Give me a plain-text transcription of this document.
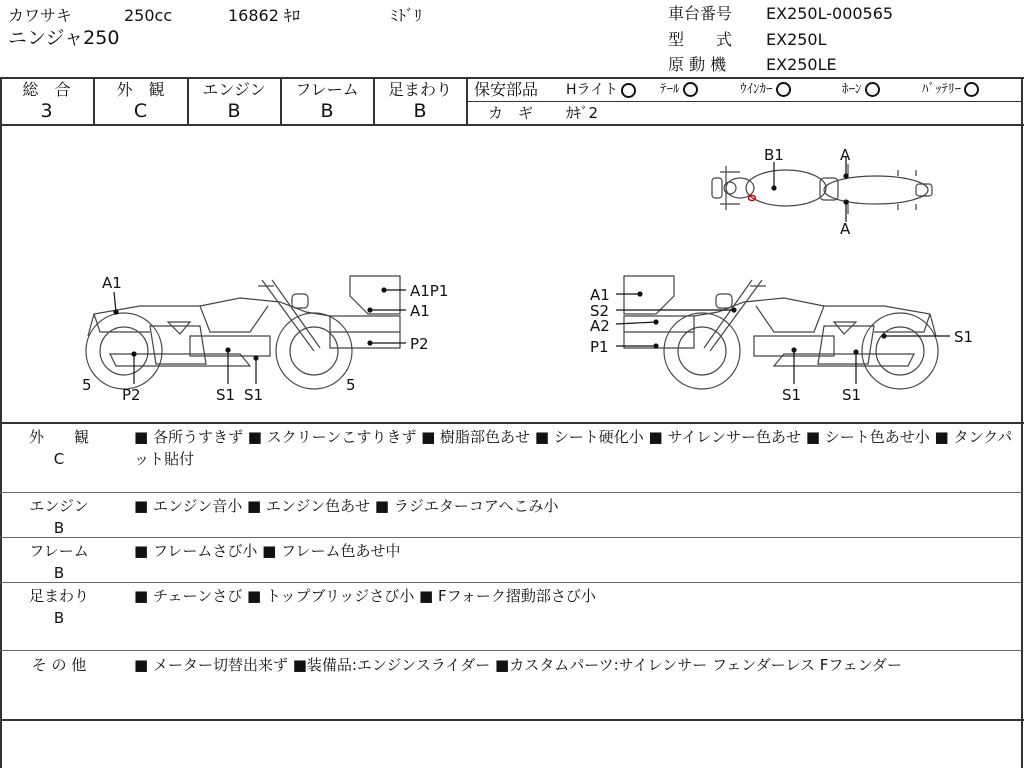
カワサキ	250cc	16862 ｷﾛ	ﾐﾄﾞﾘ
ニンジャ250
車台番号 EX250L-000565
型　　式 EX250L
原 動 機 EX250LE
総　合
3
外　観
C
エンジン
B
フレーム
B
足まわり
B
保安部品 Hライト	ﾃｰﾙ	ｳｲﾝｶｰ	ﾎｰﾝ	ﾊﾞｯﾃﾘｰ
カ　ギ ｶｷﾞ2
B1	A
A
A1	A1P1
A1
P2
5	5
P2	S1 S1
A1
S2
A2
P1
S1
S1	S1
外　　観
C
■ 各所うすきず ■ スクリーンこすりきず ■ 樹脂部色あせ ■ シート硬化小 ■ サイレンサー色あせ ■ シート色あせ小 ■ タンクパット貼付
エンジン
B
■ エンジン音小 ■ エンジン色あせ ■ ラジエターコアへこみ小
フレーム
B
■ フレームさび小 ■ フレーム色あせ中
足まわり
B
■ チェーンさび ■ トップブリッジさび小 ■ Fフォーク摺動部さび小
そ の 他	■ メーター切替出来ず ■装備品:エンジンスライダー ■カスタムパーツ:サイレンサー フェンダーレス Fフェンダー
